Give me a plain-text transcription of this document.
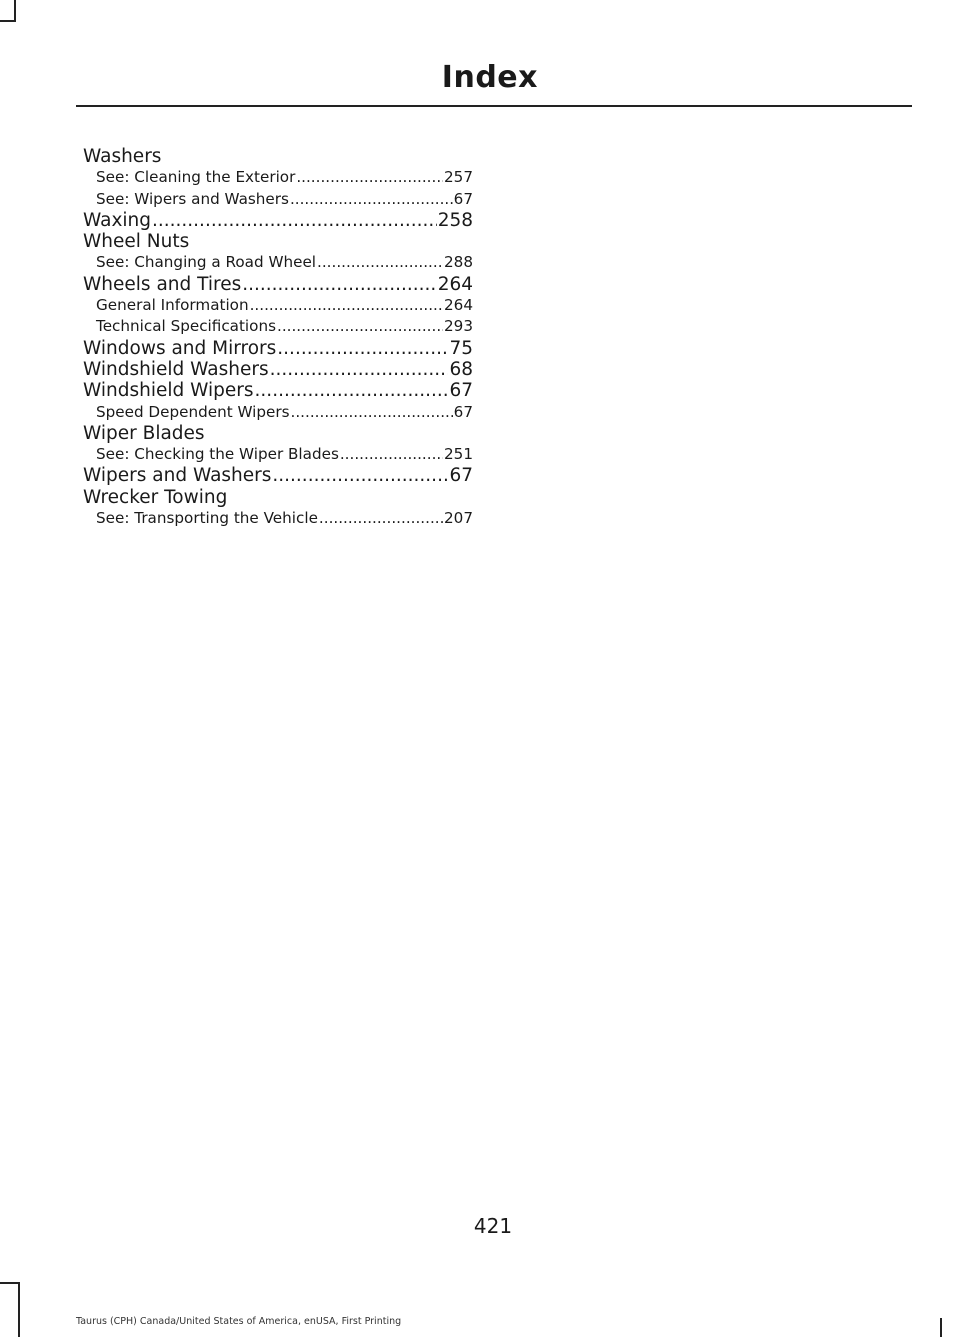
Index
Washers
See: Cleaning the Exterior .....	257
See: Wipers and Washers .....	67
Waxing .....	258
Wheel Nuts
See: Changing a Road Wheel .....	288
Wheels and Tires .....	264
General Information .....	264
Technical Specifications .....	293
Windows and Mirrors .....	75
Windshield Washers .....	68
Windshield Wipers .....	67
Speed Dependent Wipers .....	67
Wiper Blades
See: Checking the Wiper Blades .....	251
Wipers and Washers .....	67
Wrecker Towing
See: Transporting the Vehicle .....	207

421

Taurus (CPH) Canada/United States of America, enUSA, First Printing
